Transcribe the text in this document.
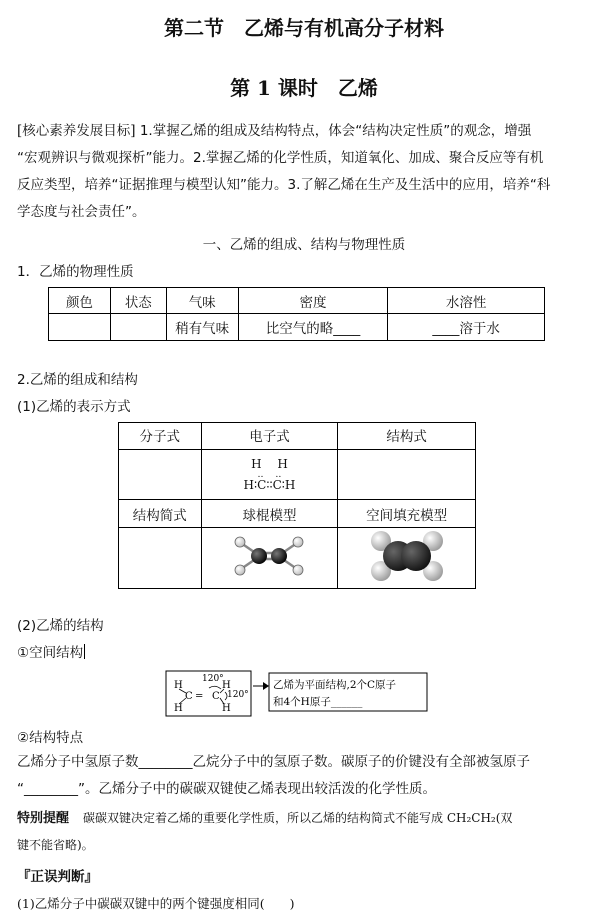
第二节　乙烯与有机高分子材料
第 1 课时　乙烯
[核心素养发展目标] 1.掌握乙烯的组成及结构特点，体会“结构决定性质”的观念，增强
“宏观辨识与微观探析”能力。2.掌握乙烯的化学性质，知道氧化、加成、聚合反应等有机
反应类型，培养“证据推理与模型认知”能力。3.了解乙烯在生产及生活中的应用，培养“科
学态度与社会责任”。
一、乙烯的组成、结构与物理性质
1．乙烯的物理性质
颜色	状态	气味	密度	水溶性
		稍有气味	比空气的略____	____溶于水
2.乙烯的组成和结构
(1)乙烯的表示方式
分子式	电子式	结构式

	H　 H
‥　 ‥
H∶C∶∶C∶H	

结构简式	球棍模型	空间填充模型

(2)乙烯的结构
①空间结构
H
H
H
H
C = C
120°
120°
乙烯为平面结构,2个C原子
和4个H原子______
②结构特点
乙烯分子中氢原子数________乙烷分子中的氢原子数。碳原子的价键没有全部被氢原子
“________”。乙烯分子中的碳碳双键使乙烯表现出较活泼的化学性质。
特别提醒 碳碳双键决定着乙烯的重要化学性质，所以乙烯的结构简式不能写成 CH₂CH₂(双
键不能省略)。
『正误判断』
(1)乙烯分子中碳碳双键中的两个键强度相同(　　)
